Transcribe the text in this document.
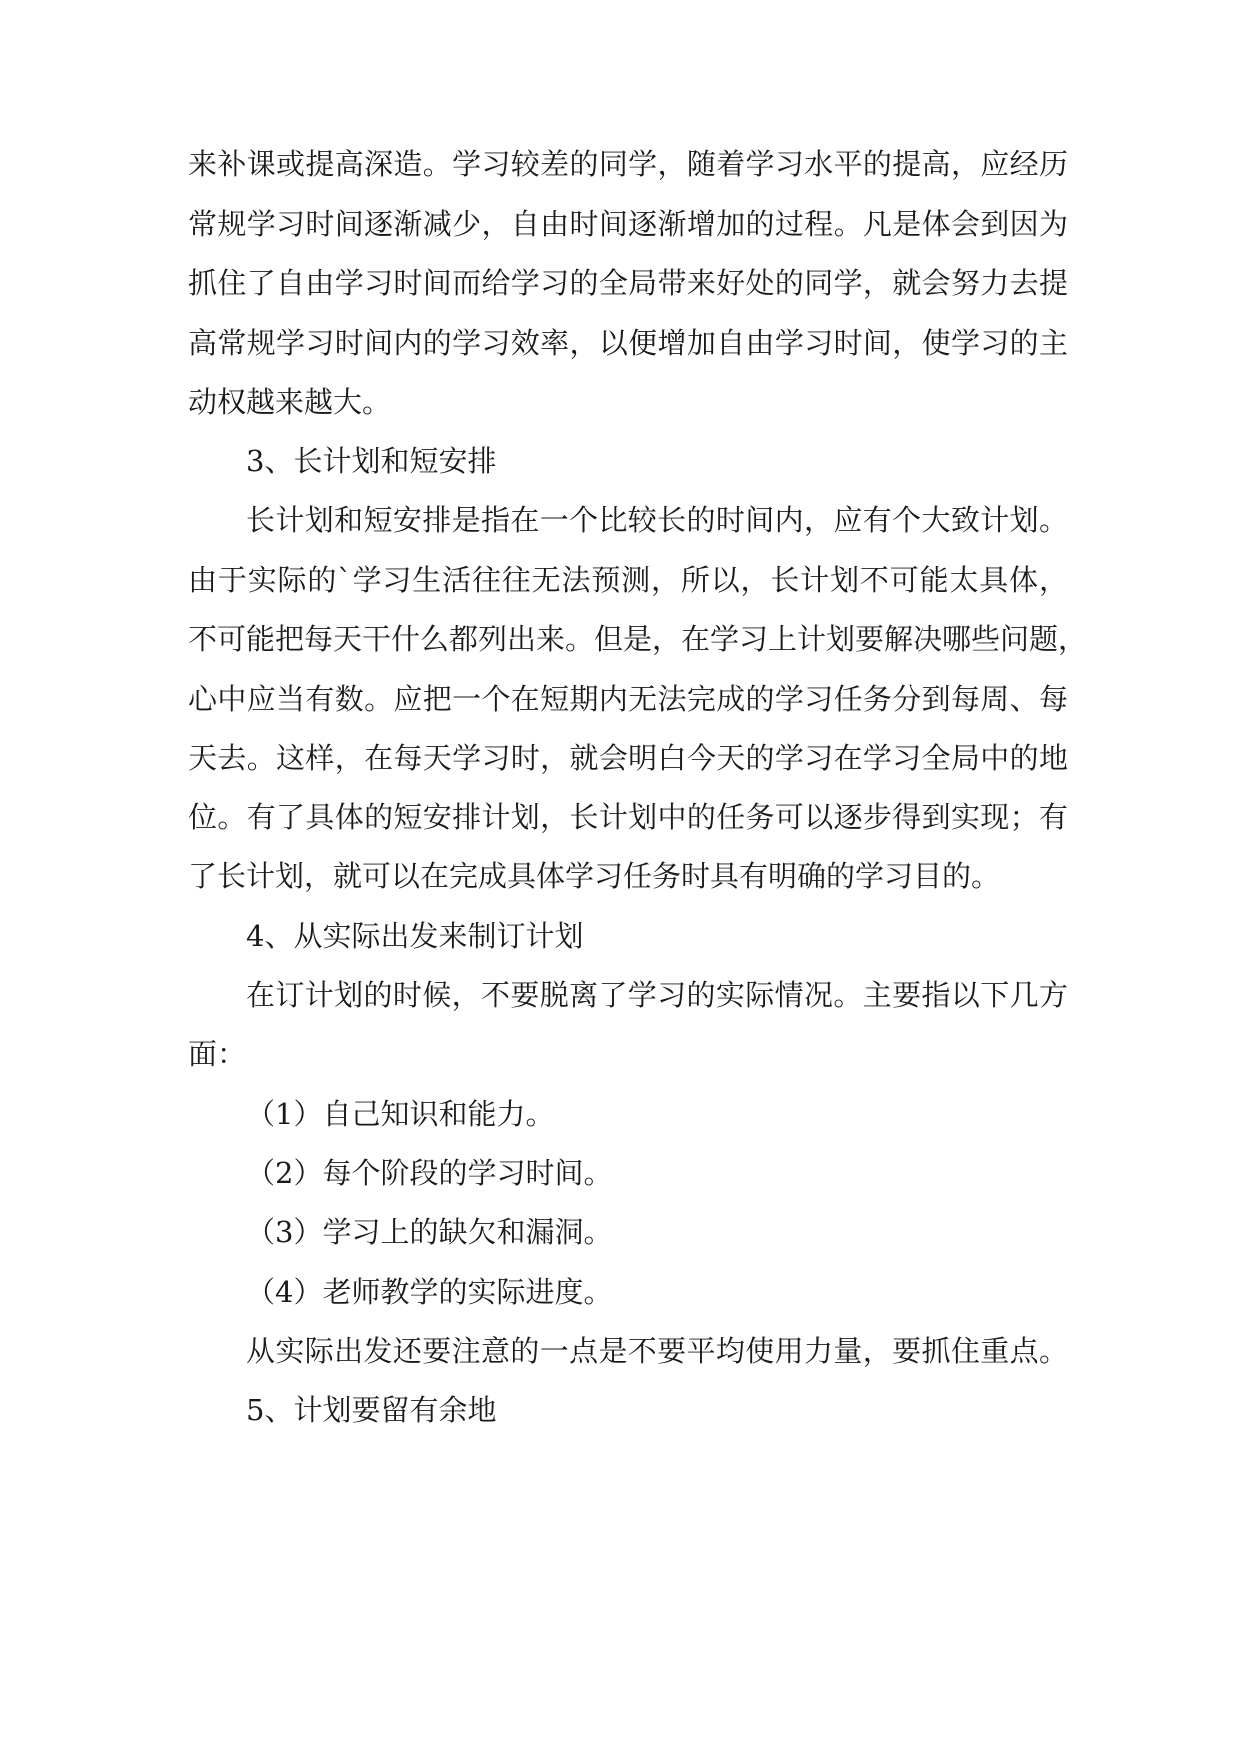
来补课或提高深造。学习较差的同学，随着学习水平的提高，应经历
常规学习时间逐渐减少，自由时间逐渐增加的过程。凡是体会到因为
抓住了自由学习时间而给学习的全局带来好处的同学，就会努力去提
高常规学习时间内的学习效率，以便增加自由学习时间，使学习的主
动权越来越大。
3、长计划和短安排
长计划和短安排是指在一个比较长的时间内，应有个大致计划。
由于实际的`学习生活往往无法预测，所以，长计划不可能太具体，
不可能把每天干什么都列出来。但是，在学习上计划要解决哪些问题，
心中应当有数。应把一个在短期内无法完成的学习任务分到每周、每
天去。这样，在每天学习时，就会明白今天的学习在学习全局中的地
位。有了具体的短安排计划，长计划中的任务可以逐步得到实现；有
了长计划，就可以在完成具体学习任务时具有明确的学习目的。
4、从实际出发来制订计划
在订计划的时候，不要脱离了学习的实际情况。主要指以下几方
面：
（1）自己知识和能力。
（2）每个阶段的学习时间。
（3）学习上的缺欠和漏洞。
（4）老师教学的实际进度。
从实际出发还要注意的一点是不要平均使用力量，要抓住重点。
5、计划要留有余地
